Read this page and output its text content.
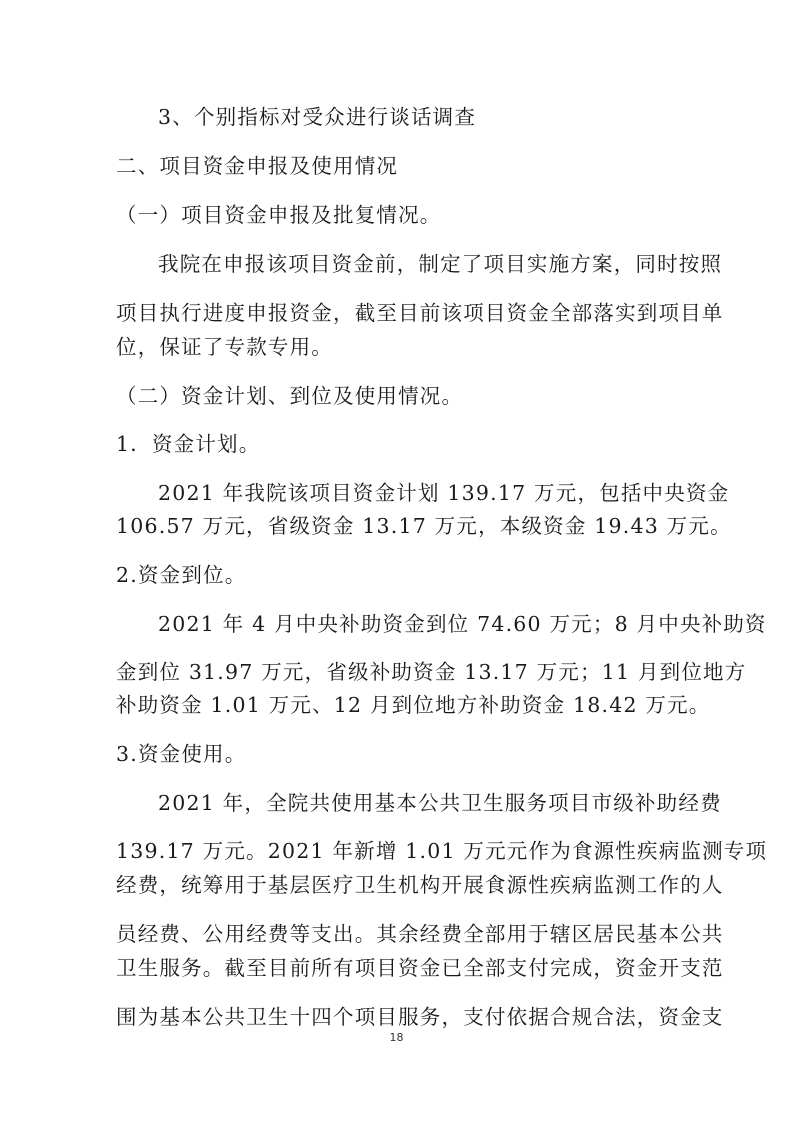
3、个别指标对受众进行谈话调查
二、项目资金申报及使用情况
（一）项目资金申报及批复情况。
我院在申报该项目资金前，制定了项目实施方案，同时按照
项目执行进度申报资金，截至目前该项目资金全部落实到项目单
位，保证了专款专用。
（二）资金计划、到位及使用情况。
1．资金计划。
2021 年我院该项目资金计划 139.17 万元，包括中央资金
106.57 万元，省级资金 13.17 万元，本级资金 19.43 万元。
2.资金到位。
2021 年 4 月中央补助资金到位 74.60 万元；8 月中央补助资
金到位 31.97 万元，省级补助资金 13.17 万元；11 月到位地方
补助资金 1.01 万元、12 月到位地方补助资金 18.42 万元。
3.资金使用。
2021 年，全院共使用基本公共卫生服务项目市级补助经费
139.17 万元。2021 年新增 1.01 万元元作为食源性疾病监测专项
经费，统筹用于基层医疗卫生机构开展食源性疾病监测工作的人
员经费、公用经费等支出。其余经费全部用于辖区居民基本公共
卫生服务。截至目前所有项目资金已全部支付完成，资金开支范
围为基本公共卫生十四个项目服务，支付依据合规合法，资金支
18
